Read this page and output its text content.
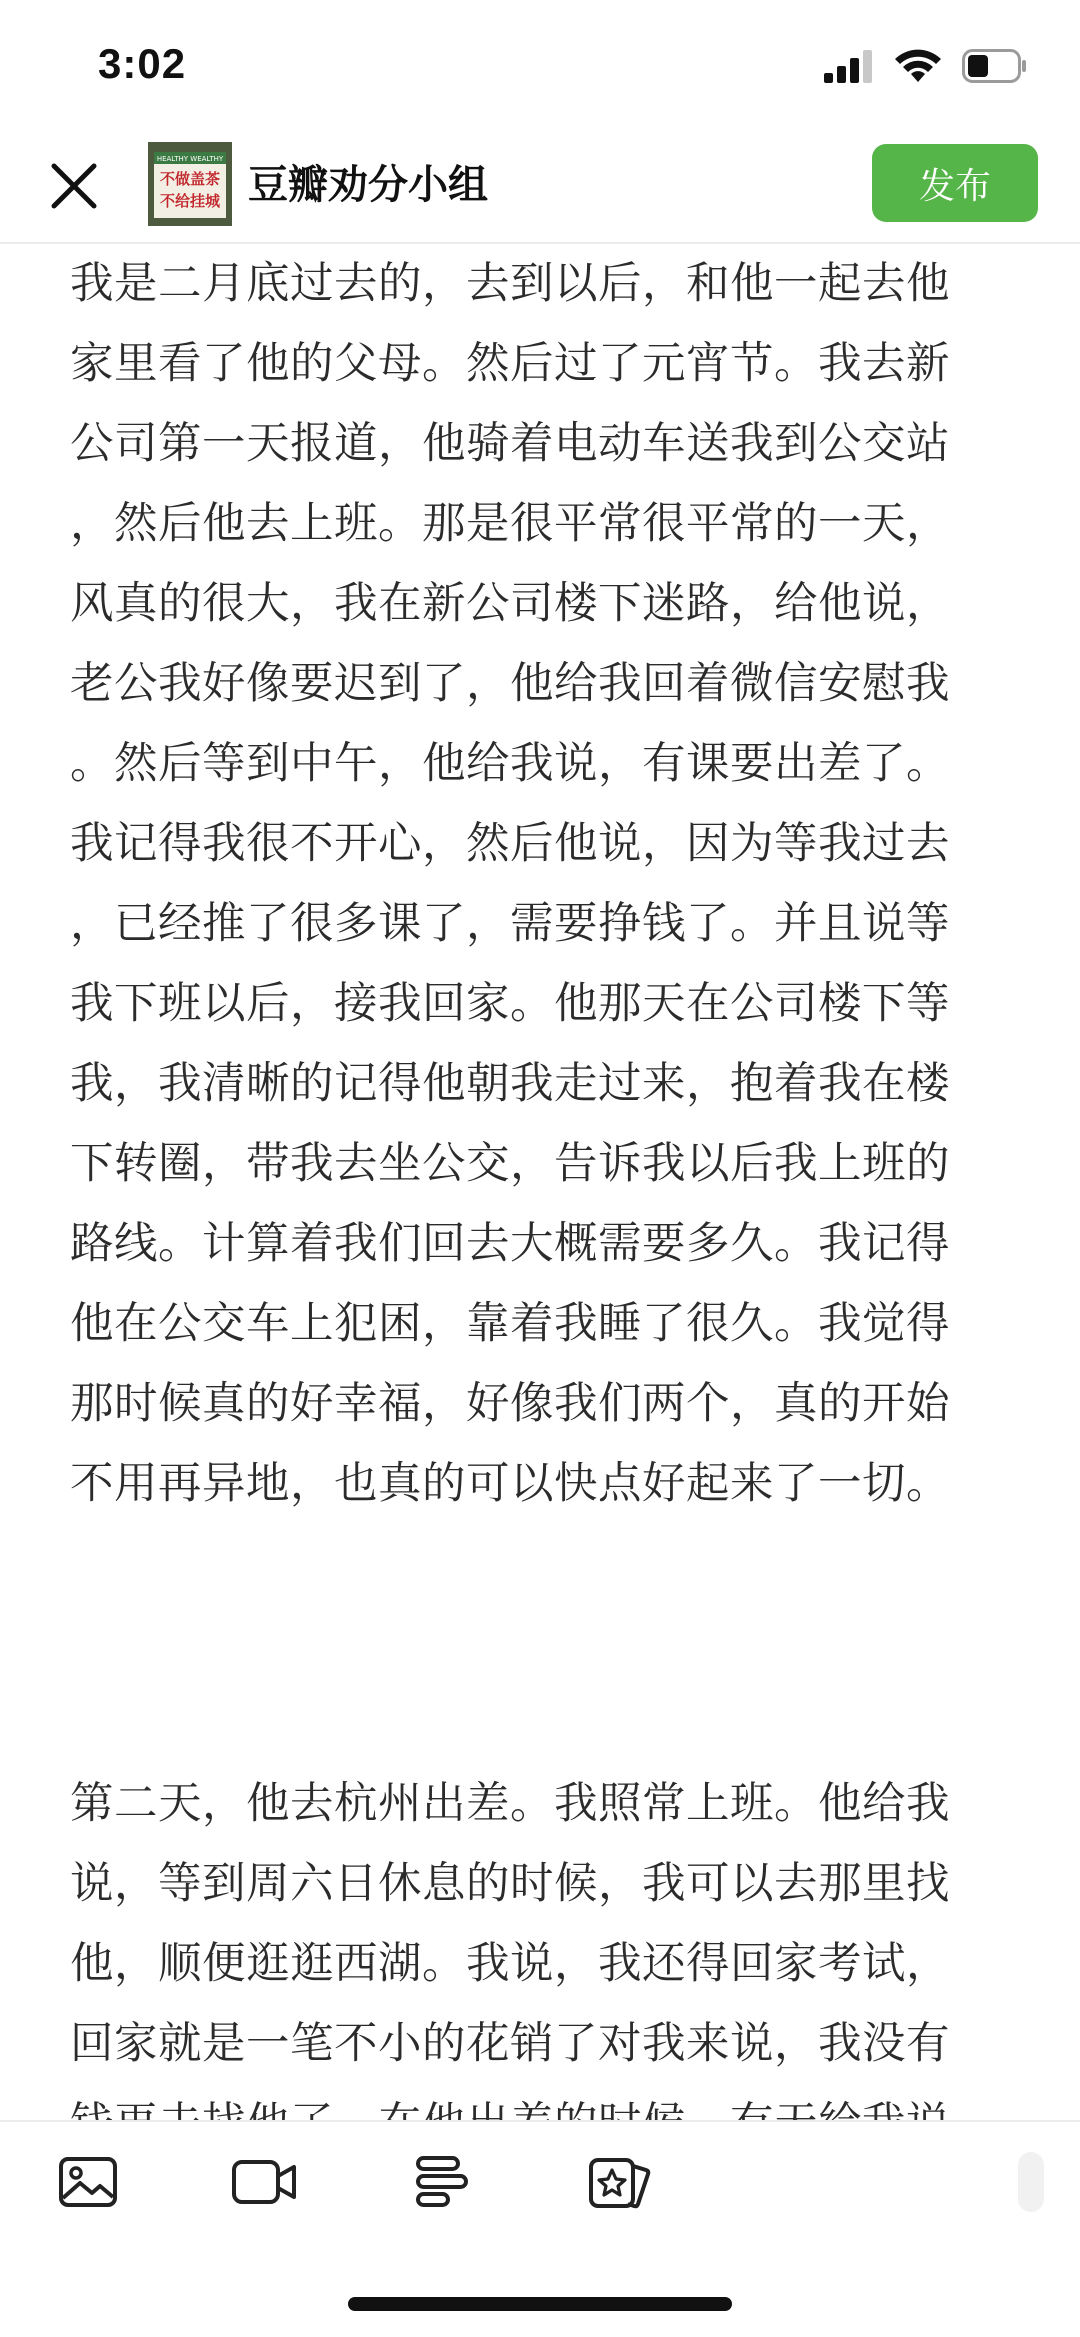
3:02
HEALTHY WEALTHY
不做盖茶
不给挂城 豆瓣劝分小组	发布

我是二月底过去的，去到以后，和他一起去他
家里看了他的父母。然后过了元宵节。我去新
公司第一天报道，他骑着电动车送我到公交站
，然后他去上班。那是很平常很平常的一天，
风真的很大，我在新公司楼下迷路，给他说，
老公我好像要迟到了，他给我回着微信安慰我
。然后等到中午，他给我说，有课要出差了。
我记得我很不开心，然后他说，因为等我过去
，已经推了很多课了，需要挣钱了。并且说等
我下班以后，接我回家。他那天在公司楼下等
我，我清晰的记得他朝我走过来，抱着我在楼
下转圈，带我去坐公交，告诉我以后我上班的
路线。计算着我们回去大概需要多久。我记得
他在公交车上犯困，靠着我睡了很久。我觉得
那时候真的好幸福，好像我们两个，真的开始
不用再异地，也真的可以快点好起来了一切。

第二天，他去杭州出差。我照常上班。他给我
说，等到周六日休息的时候，我可以去那里找
他，顺便逛逛西湖。我说，我还得回家考试，
回家就是一笔不小的花销了对我来说，我没有
